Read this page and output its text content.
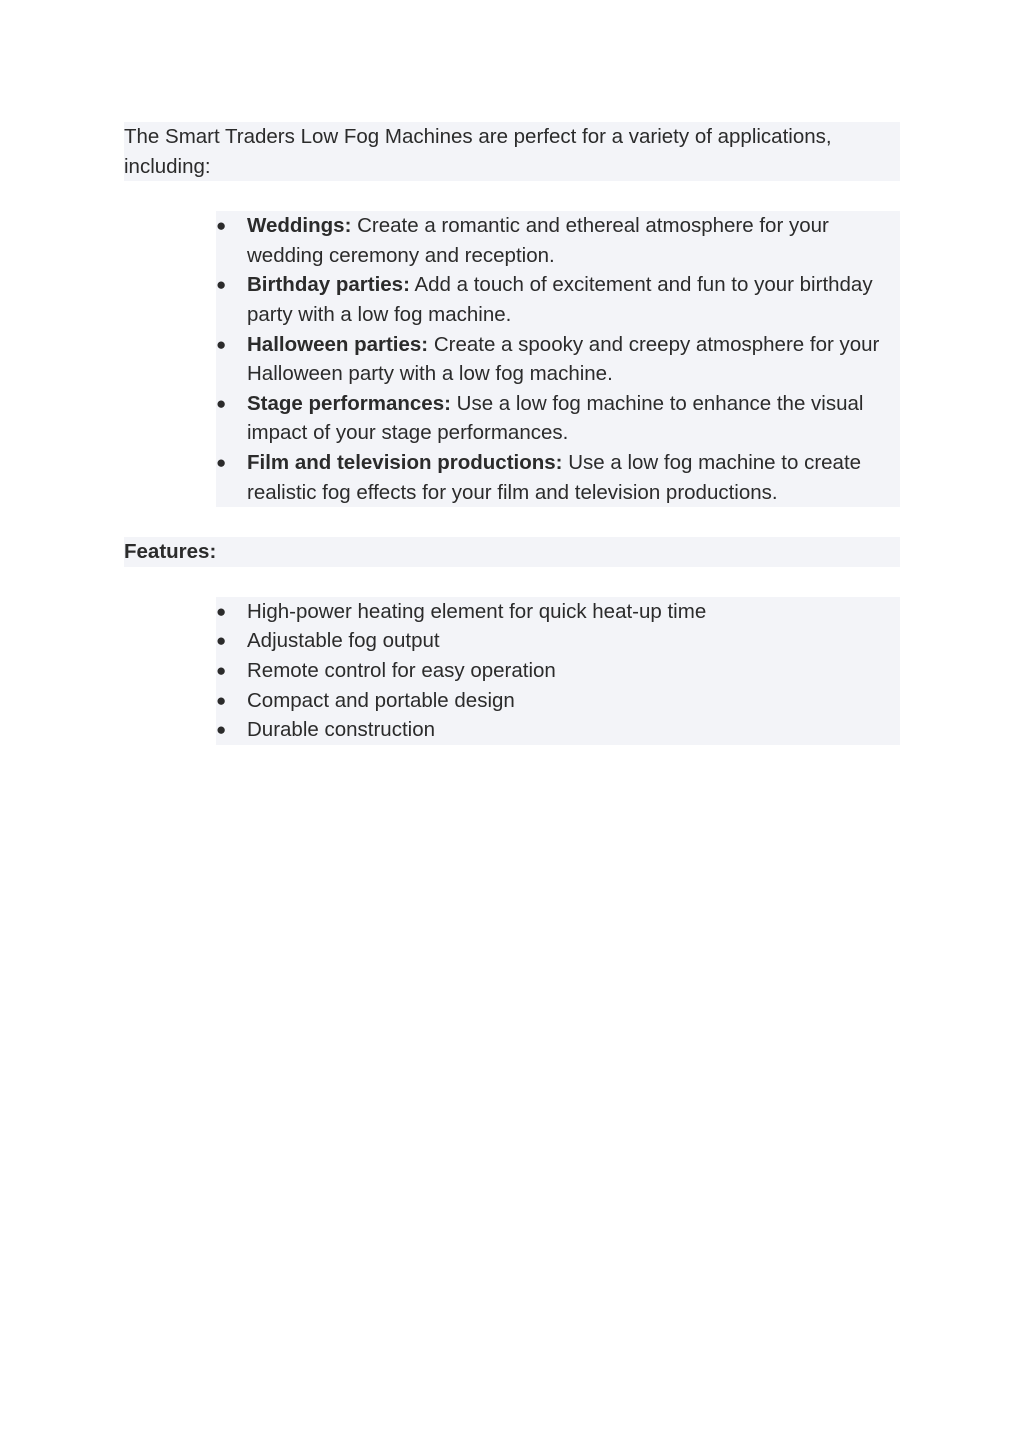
The Smart Traders Low Fog Machines are perfect for a variety of applications, including:

● Weddings: Create a romantic and ethereal atmosphere for your wedding ceremony and reception.
● Birthday parties: Add a touch of excitement and fun to your birthday party with a low fog machine.
● Halloween parties: Create a spooky and creepy atmosphere for your Halloween party with a low fog machine.
● Stage performances: Use a low fog machine to enhance the visual impact of your stage performances.
● Film and television productions: Use a low fog machine to create realistic fog effects for your film and television productions.

Features:

● High-power heating element for quick heat-up time
● Adjustable fog output
● Remote control for easy operation
● Compact and portable design
● Durable construction
